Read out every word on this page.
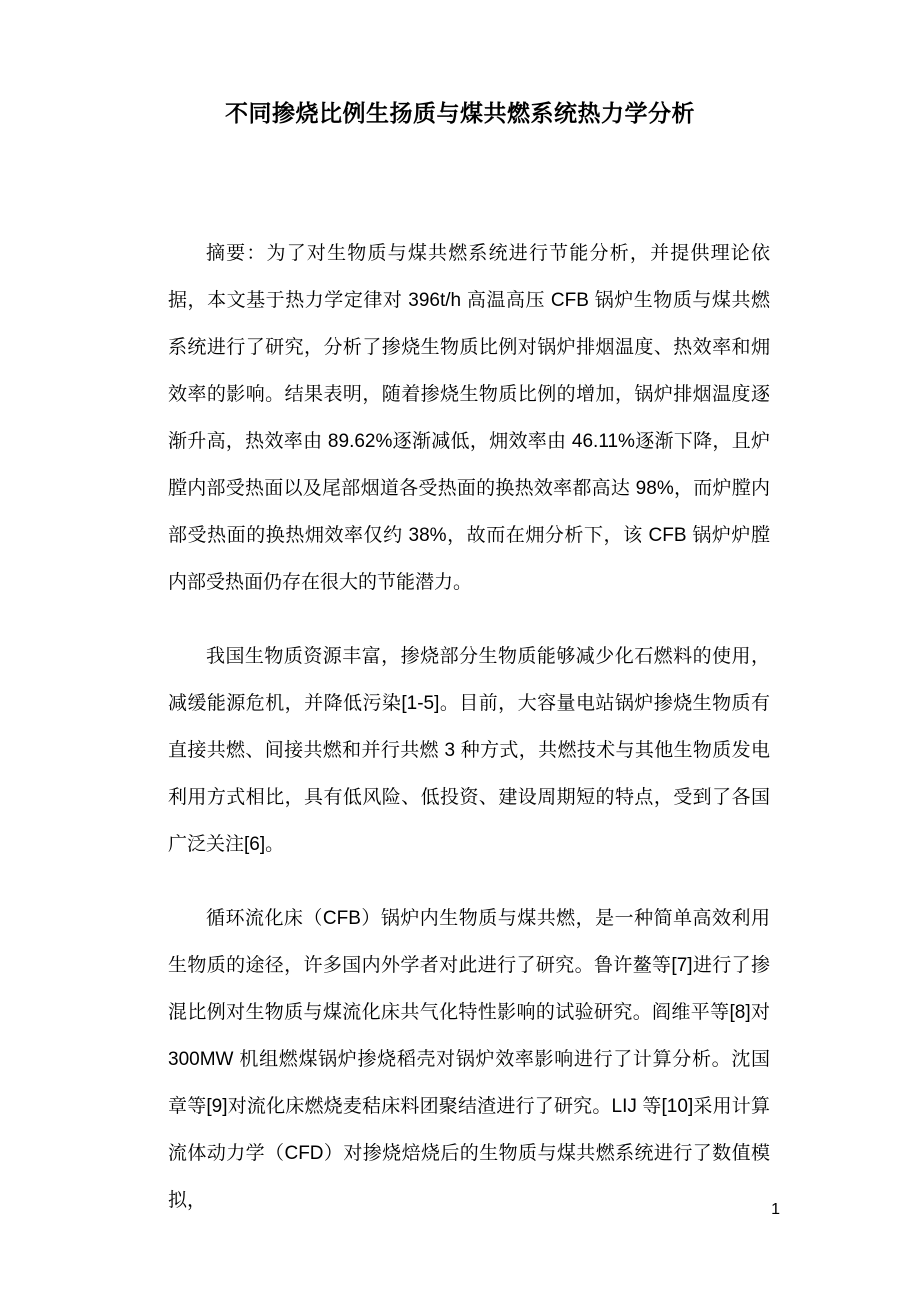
不同掺烧比例生扬质与煤共燃系统热力学分析

摘要：为了对生物质与煤共燃系统进行节能分析，并提供理论依据，本文基于热力学定律对 396t/h 高温高压 CFB 锅炉生物质与煤共燃系统进行了研究，分析了掺烧生物质比例对锅炉排烟温度、热效率和㶲效率的影响。结果表明，随着掺烧生物质比例的增加，锅炉排烟温度逐渐升高，热效率由 89.62%逐渐减低，㶲效率由 46.11%逐渐下降，且炉膛内部受热面以及尾部烟道各受热面的换热效率都高达 98%，而炉膛内部受热面的换热㶲效率仅约 38%，故而在㶲分析下，该 CFB 锅炉炉膛内部受热面仍存在很大的节能潜力。

我国生物质资源丰富，掺烧部分生物质能够减少化石燃料的使用，减缓能源危机，并降低污染[1-5]。目前，大容量电站锅炉掺烧生物质有直接共燃、间接共燃和并行共燃 3 种方式，共燃技术与其他生物质发电利用方式相比，具有低风险、低投资、建设周期短的特点，受到了各国广泛关注[6]。

循环流化床（CFB）锅炉内生物质与煤共燃，是一种简单高效利用生物质的途径，许多国内外学者对此进行了研究。鲁许鳌等[7]进行了掺混比例对生物质与煤流化床共气化特性影响的试验研究。阎维平等[8]对 300MW 机组燃煤锅炉掺烧稻壳对锅炉效率影响进行了计算分析。沈国章等[9]对流化床燃烧麦秸床料团聚结渣进行了研究。LIJ 等[10]采用计算流体动力学（CFD）对掺烧焙烧后的生物质与煤共燃系统进行了数值模拟，	1
